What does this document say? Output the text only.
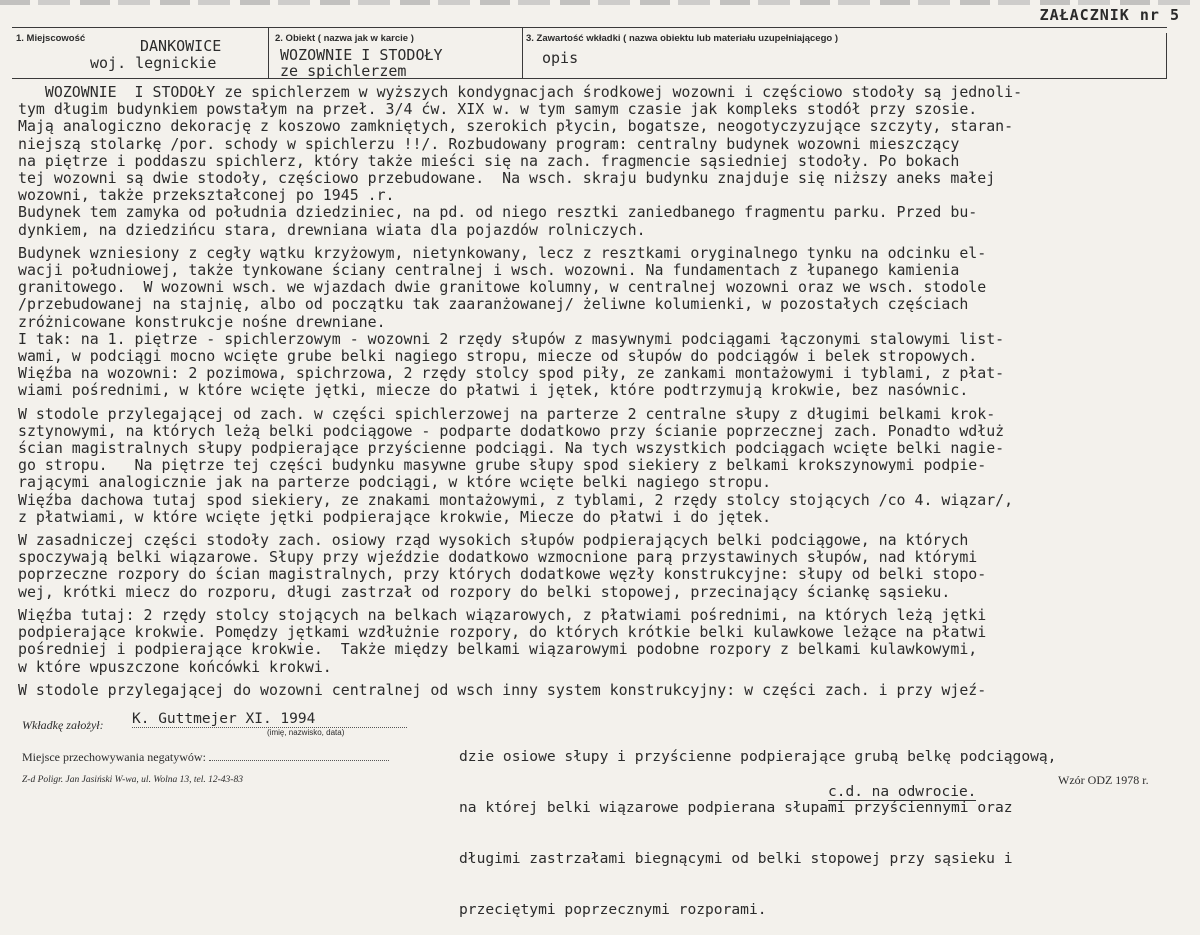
ZAŁACZNIK nr 5
1. Miejscowość	DANKOWICE
woj. legnickie
2. Obiekt ( nazwa jak w karcie )
WOZOWNIE I STODOŁY
ze spichlerzem
3. Zawartość wkładki ( nazwa obiektu lub materiału uzupełniającego )
opis
WOZOWNIE  I STODOŁY ze spichlerzem w wyższych kondygnacjach środkowej wozowni i częściowo stodoły są jednoli-
tym długim budynkiem powstałym na przeł. 3/4 ćw. XIX w. w tym samym czasie jak kompleks stodół przy szosie.
Mają analogiczno dekorację z koszowo zamkniętych, szerokich płycin, bogatsze, neogotyczyzujące szczyty, staran-
niejszą stolarkę /por. schody w spichlerzu !!/. Rozbudowany program: centralny budynek wozowni mieszczący
na piętrze i poddaszu spichlerz, który także mieści się na zach. fragmencie sąsiedniej stodoły. Po bokach
tej wozowni są dwie stodoły, częściowo przebudowane.  Na wsch. skraju budynku znajduje się niższy aneks małej
wozowni, także przekształconej po 1945 .r.
Budynek tem zamyka od południa dziedziniec, na pd. od niego resztki zaniedbanego fragmentu parku. Przed bu-
dynkiem, na dziedzińcu stara, drewniana wiata dla pojazdów rolniczych.
Budynek wzniesiony z cegły wątku krzyżowym, nietynkowany, lecz z resztkami oryginalnego tynku na odcinku el-
wacji południowej, także tynkowane ściany centralnej i wsch. wozowni. Na fundamentach z łupanego kamienia
granitowego.  W wozowni wsch. we wjazdach dwie granitowe kolumny, w centralnej wozowni oraz we wsch. stodole
/przebudowanej na stajnię, albo od początku tak zaaranżowanej/ żeliwne kolumienki, w pozostałych częściach
zróżnicowane konstrukcje nośne drewniane.
I tak: na 1. piętrze - spichlerzowym - wozowni 2 rzędy słupów z masywnymi podciągami łączonymi stalowymi list-
wami, w podciągi mocno wcięte grube belki nagiego stropu, miecze od słupów do podciągów i belek stropowych.
Więźba na wozowni: 2 pozimowa, spichrzowa, 2 rzędy stolcy spod piły, ze zankami montażowymi i tyblami, z płat-
wiami pośrednimi, w które wcięte jętki, miecze do płatwi i jętek, które podtrzymują krokwie, bez nasównic.
W stodole przylegającej od zach. w części spichlerzowej na parterze 2 centralne słupy z długimi belkami krok-
sztynowymi, na których leżą belki podciągowe - podparte dodatkowo przy ścianie poprzecznej zach. Ponadto wdłuż
ścian magistralnych słupy podpierające przyścienne podciągi. Na tych wszystkich podciągach wcięte belki nagie-
go stropu.   Na piętrze tej części budynku masywne grube słupy spod siekiery z belkami krokszynowymi podpie-
rającymi analogicznie jak na parterze podciągi, w które wcięte belki nagiego stropu.
Więźba dachowa tutaj spod siekiery, ze znakami montażowymi, z tyblami, 2 rzędy stolcy stojących /co 4. wiązar/,
z płatwiami, w które wcięte jętki podpierające krokwie, Miecze do płatwi i do jętek.
W zasadniczej części stodoły zach. osiowy rząd wysokich słupów podpierających belki podciągowe, na których
spoczywają belki wiązarowe. Słupy przy wjeździe dodatkowo wzmocnione parą przystawinych słupów, nad którymi
poprzeczne rozpory do ścian magistralnych, przy których dodatkowe węzły konstrukcyjne: słupy od belki stopo-
wej, krótki miecz do rozporu, długi zastrzał od rozpory do belki stopowej, przecinający ściankę sąsieku.
Więźba tutaj: 2 rzędy stolcy stojących na belkach wiązarowych, z płatwiami pośrednimi, na których leżą jętki
podpierające krokwie. Pomędzy jętkami wzdłużnie rozpory, do których krótkie belki kulawkowe leżące na płatwi
pośredniej i podpierające krokwie.  Także między belkami wiązarowymi podobne rozpory z belkami kulawkowymi,
w które wpuszczone końcówki krokwi.
W stodole przylegającej do wozowni centralnej od wsch inny system konstrukcyjny: w części zach. i przy wjeź-
Wkładkę założył: K. Guttmejer XI. 1994
(imię, nazwisko, data)
Miejsce przechowywania negatywów:
Z-d Poligr. Jan Jasiński W-wa, ul. Wolna 13, tel. 12-43-83

dzie osiowe słupy i przyścienne podpierające grubą belkę podciągową,

na której belki wiązarowe podpierana słupami przyściennymi oraz

długimi zastrzałami biegnącymi od belki stopowej przy sąsieku i

przeciętymi poprzecznymi rozporami.

Wzór ODZ 1978 r.
c.d. na odwrocie.
